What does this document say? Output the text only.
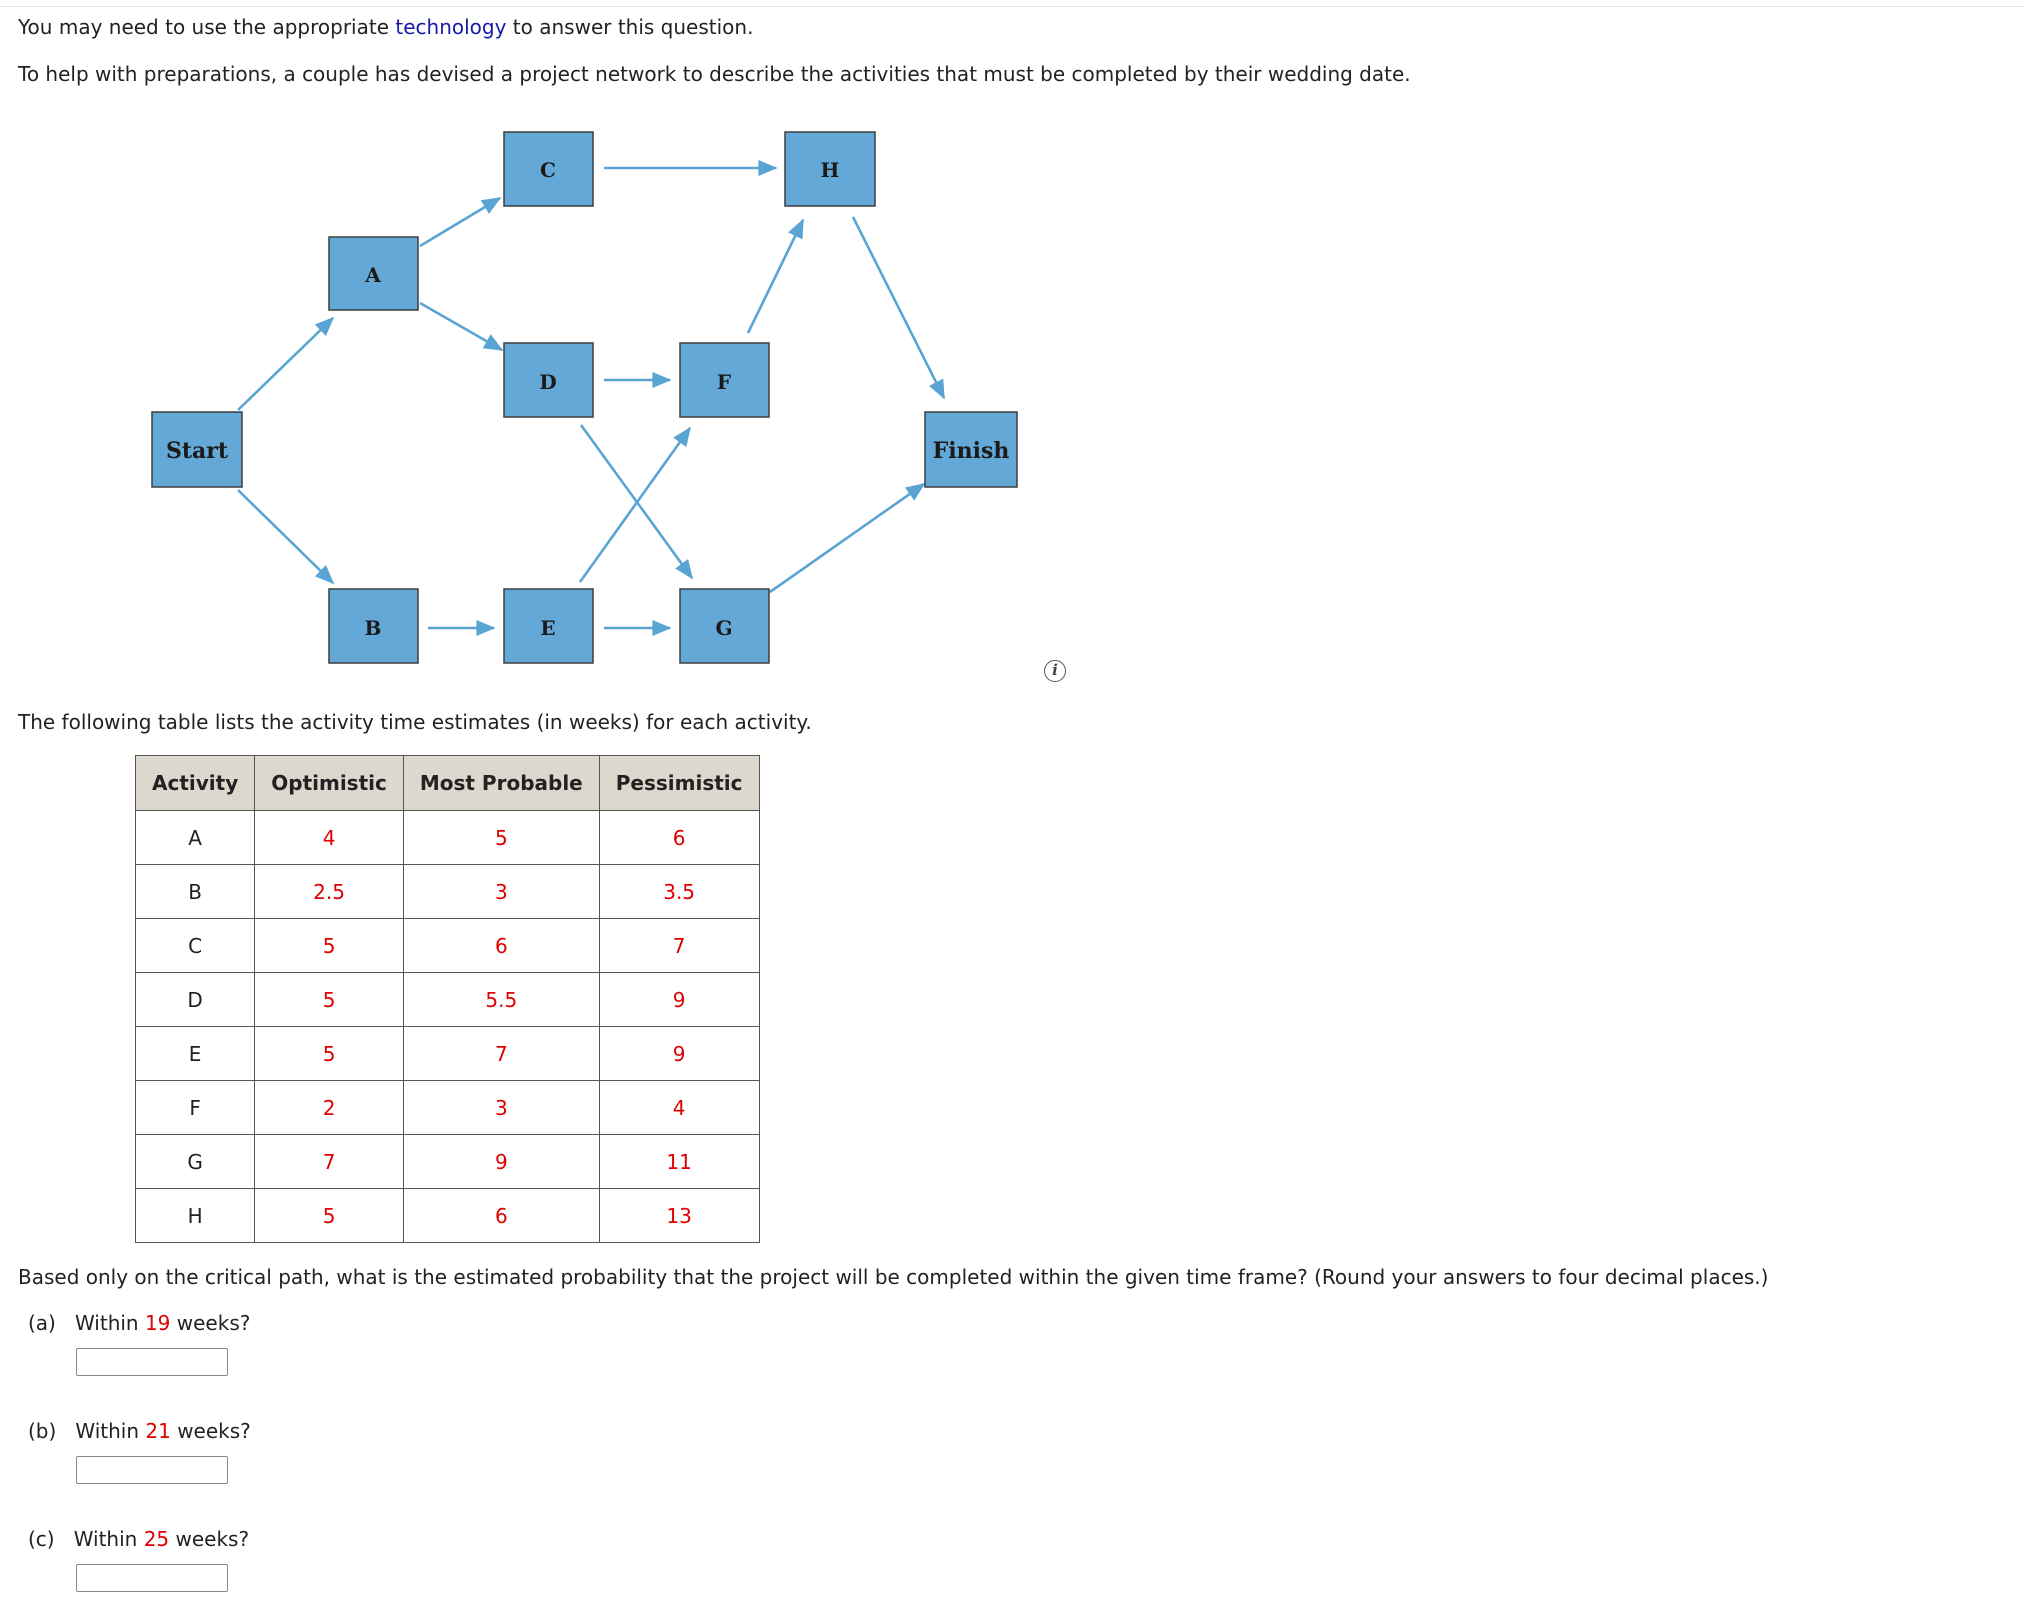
You may need to use the appropriate technology to answer this question.
To help with preparations, a couple has devised a project network to describe the activities that must be completed by their wedding date.
Start
A
B
C
D
E
F
G
H
Finish
i
The following table lists the activity time estimates (in weeks) for each activity.
Activity	Optimistic	Most Probable	Pessimistic
A	4	5	6
B	2.5	3	3.5
C	5	6	7
D	5	5.5	9
E	5	7	9
F	2	3	4
G	7	9	11
H	5	6	13
Based only on the critical path, what is the estimated probability that the project will be completed within the given time frame? (Round your answers to four decimal places.)
(a) Within 19 weeks?
(b) Within 21 weeks?
(c) Within 25 weeks?
